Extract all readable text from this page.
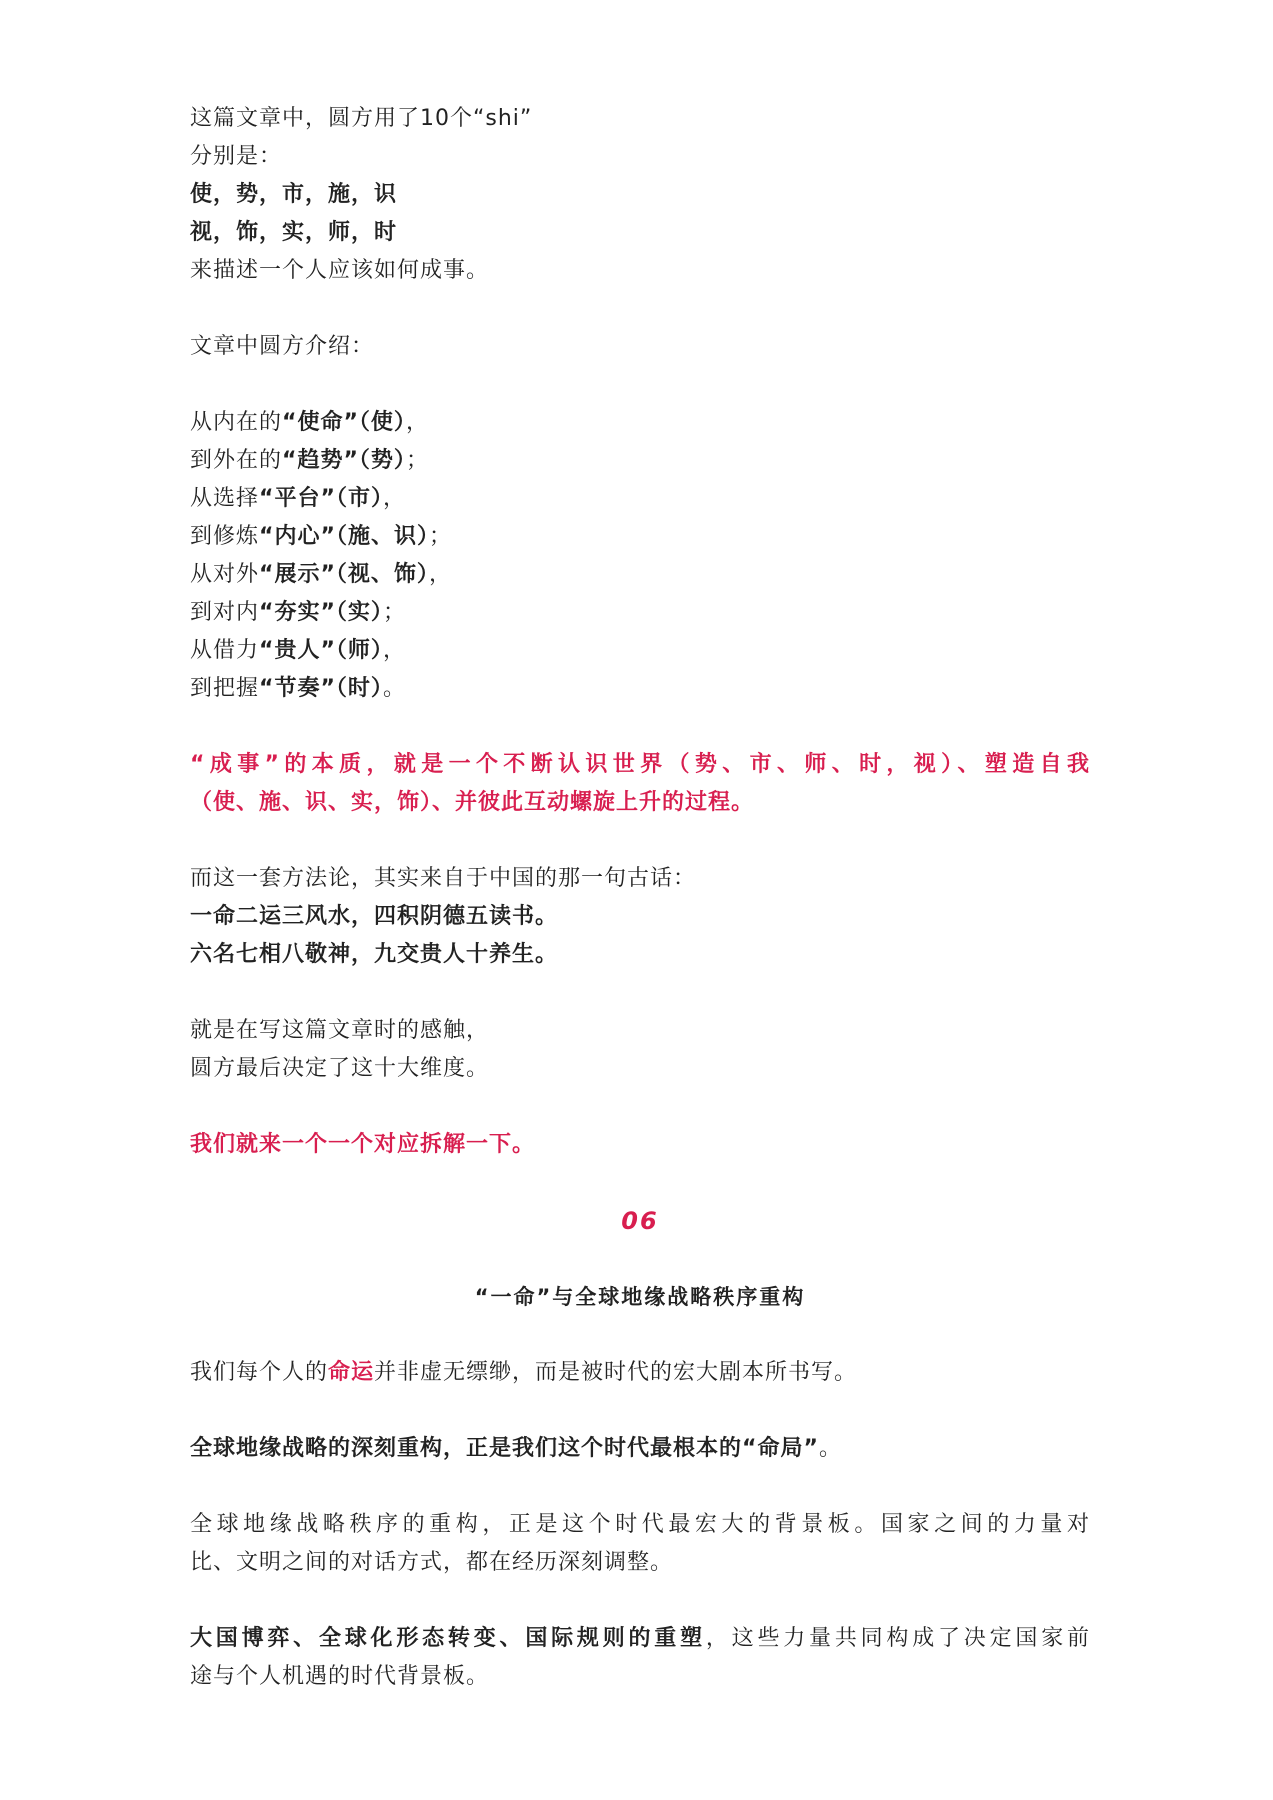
这篇文章中，圆方用了10个“shi”
分别是：
使，势，市，施，识
视，饰，实，师，时
来描述一个人应该如何成事。
文章中圆方介绍：
从内在的“使命”（使），
到外在的“趋势”（势）；
从选择“平台”（市），
到修炼“内心”（施、识）；
从对外“展示”（视、饰），
到对内“夯实”（实）；
从借力“贵人”（师），
到把握“节奏”（时）。
“成事”的本质，就是一个不断认识世界（势、市、师、时，视）、塑造自我
（使、施、识、实，饰）、并彼此互动螺旋上升的过程。
而这一套方法论，其实来自于中国的那一句古话：
一命二运三风水，四积阴德五读书。
六名七相八敬神，九交贵人十养生。
就是在写这篇文章时的感触，
圆方最后决定了这十大维度。
我们就来一个一个对应拆解一下。
06
“一命”与全球地缘战略秩序重构
我们每个人的命运并非虚无缥缈，而是被时代的宏大剧本所书写。
全球地缘战略的深刻重构，正是我们这个时代最根本的“命局”。
全球地缘战略秩序的重构，正是这个时代最宏大的背景板。国家之间的力量对
比、文明之间的对话方式，都在经历深刻调整。
大国博弈、全球化形态转变、国际规则的重塑，这些力量共同构成了决定国家前
途与个人机遇的时代背景板。
